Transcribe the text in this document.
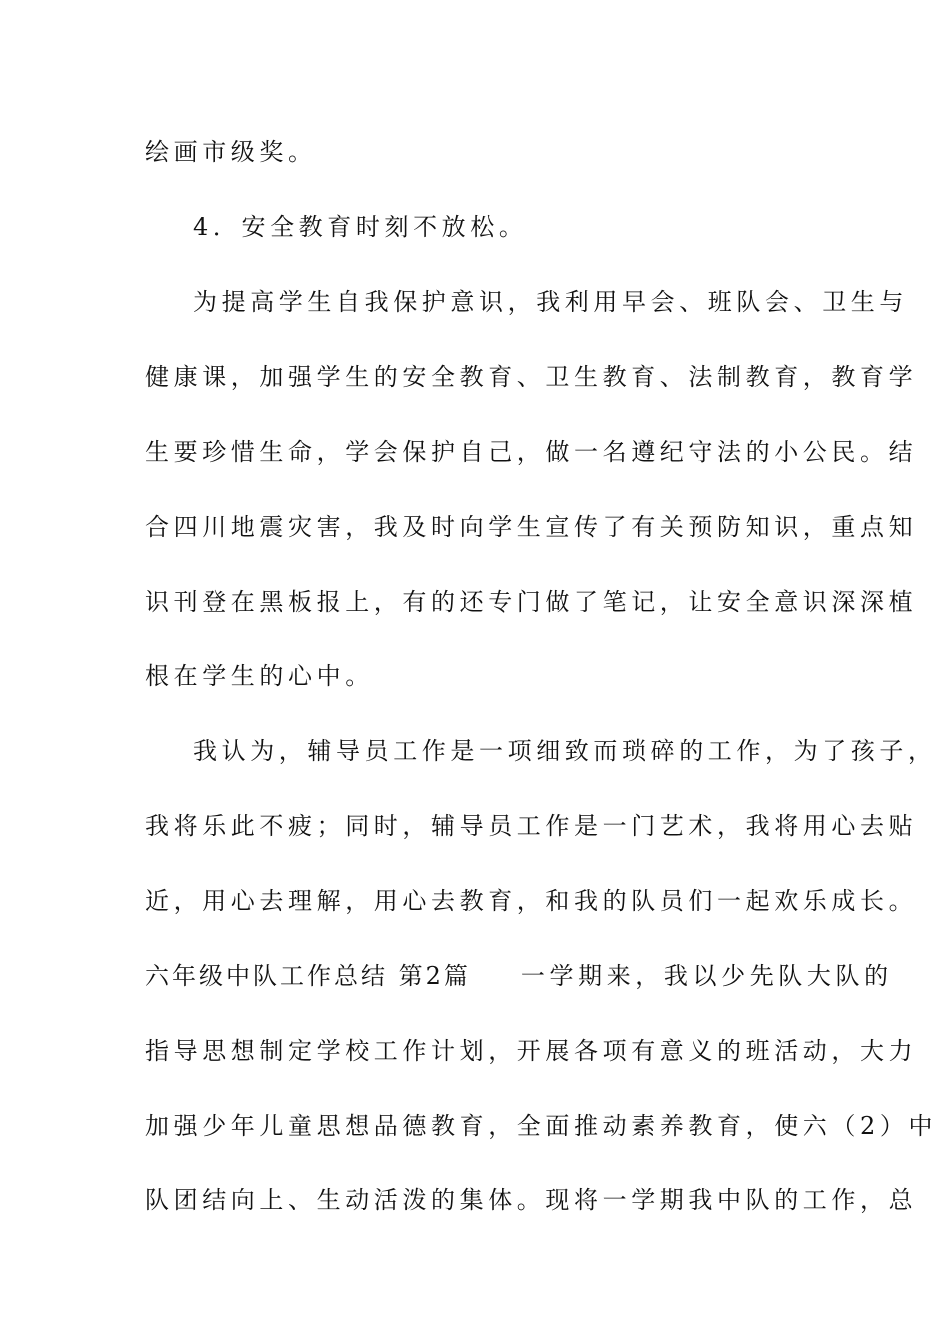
绘画市级奖。
4．安全教育时刻不放松。
为提高学生自我保护意识，我利用早会、班队会、卫生与
健康课，加强学生的安全教育、卫生教育、法制教育，教育学
生要珍惜生命，学会保护自己，做一名遵纪守法的小公民。结
合四川地震灾害，我及时向学生宣传了有关预防知识，重点知
识刊登在黑板报上，有的还专门做了笔记，让安全意识深深植
根在学生的心中。
我认为，辅导员工作是一项细致而琐碎的工作，为了孩子，
我将乐此不疲；同时，辅导员工作是一门艺术，我将用心去贴
近，用心去理解，用心去教育，和我的队员们一起欢乐成长。
六年级中队工作总结 第2篇 一学期来，我以少先队大队的
指导思想制定学校工作计划，开展各项有意义的班活动，大力
加强少年儿童思想品德教育，全面推动素养教育，使六（2）中
队团结向上、生动活泼的集体。现将一学期我中队的工作，总
